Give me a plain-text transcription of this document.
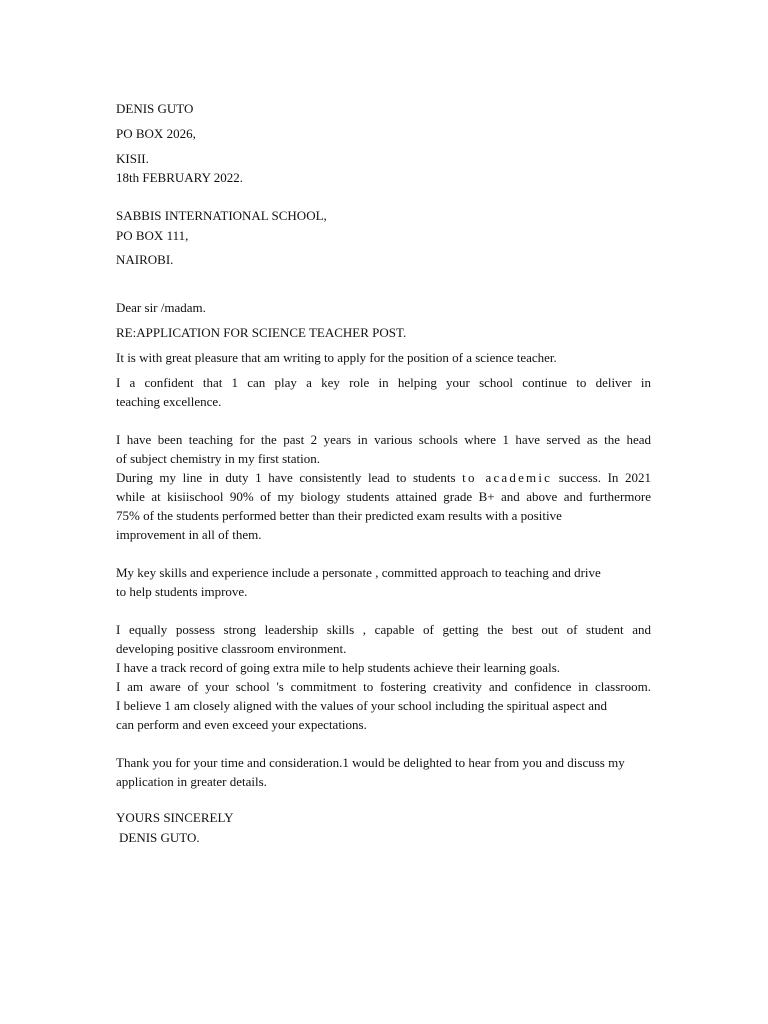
DENIS GUTO
PO BOX 2026,
KISII.
18th FEBRUARY 2022.
SABBIS INTERNATIONAL SCHOOL,
PO BOX 111,
NAIROBI.
Dear sir /madam.
RE:APPLICATION FOR SCIENCE TEACHER POST.
It is with great pleasure that am writing to apply for the position of a science teacher.
I a confident that 1 can play a key role in helping your school continue to deliver in
teaching excellence.
I have been teaching for the past 2 years in various schools where 1 have served as the head
of subject chemistry in my first station.
During my line in duty 1 have consistently lead to students to academic success. In 2021
while at kisiischool 90% of my biology students attained grade B+ and above and furthermore
75% of the students performed better than their predicted exam results with a positive
improvement in all of them.
My key skills and experience include a personate , committed approach to teaching and drive
to help students improve.
I equally possess strong leadership skills , capable of getting the best out of student and
developing positive classroom environment.
I have a track record of going extra mile to help students achieve their learning goals.
I am aware of your school 's commitment to fostering creativity and confidence in classroom.
I believe 1 am closely aligned with the values of your school including the spiritual aspect and
can perform and even exceed your expectations.
Thank you for your time and consideration.1 would be delighted to hear from you and discuss my
application in greater details.
YOURS SINCERELY
DENIS GUTO.
